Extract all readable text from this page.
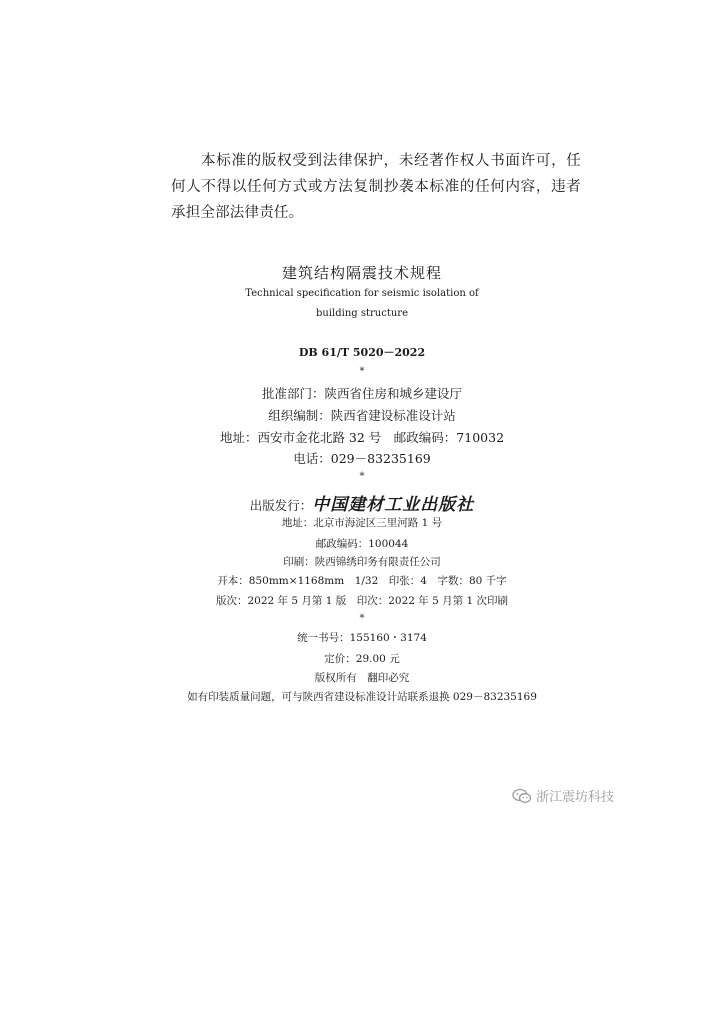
本标准的版权受到法律保护，未经著作权人书面许可，任何人不得以任何方式或方法复制抄袭本标准的任何内容，违者承担全部法律责任。

建筑结构隔震技术规程
Technical specification for seismic isolation of
building structure
DB 61/T 5020－2022
*
批准部门：陕西省住房和城乡建设厅
组织编制：陕西省建设标准设计站
地址：西安市金花北路 32 号　邮政编码：710032
电话：029－83235169
*
出版发行：中国建材工业出版社
地址：北京市海淀区三里河路 1 号
邮政编码：100044
印刷：陕西锦绣印务有限责任公司
开本：850mm×1168mm　1/32　印张：4　字数：80 千字
版次：2022 年 5 月第 1 版　印次：2022 年 5 月第 1 次印刷
*
统一书号：155160・3174
定价：29.00 元
版权所有　翻印必究
如有印装质量问题，可与陕西省建设标准设计站联系退换 029－83235169
浙江震坊科技
